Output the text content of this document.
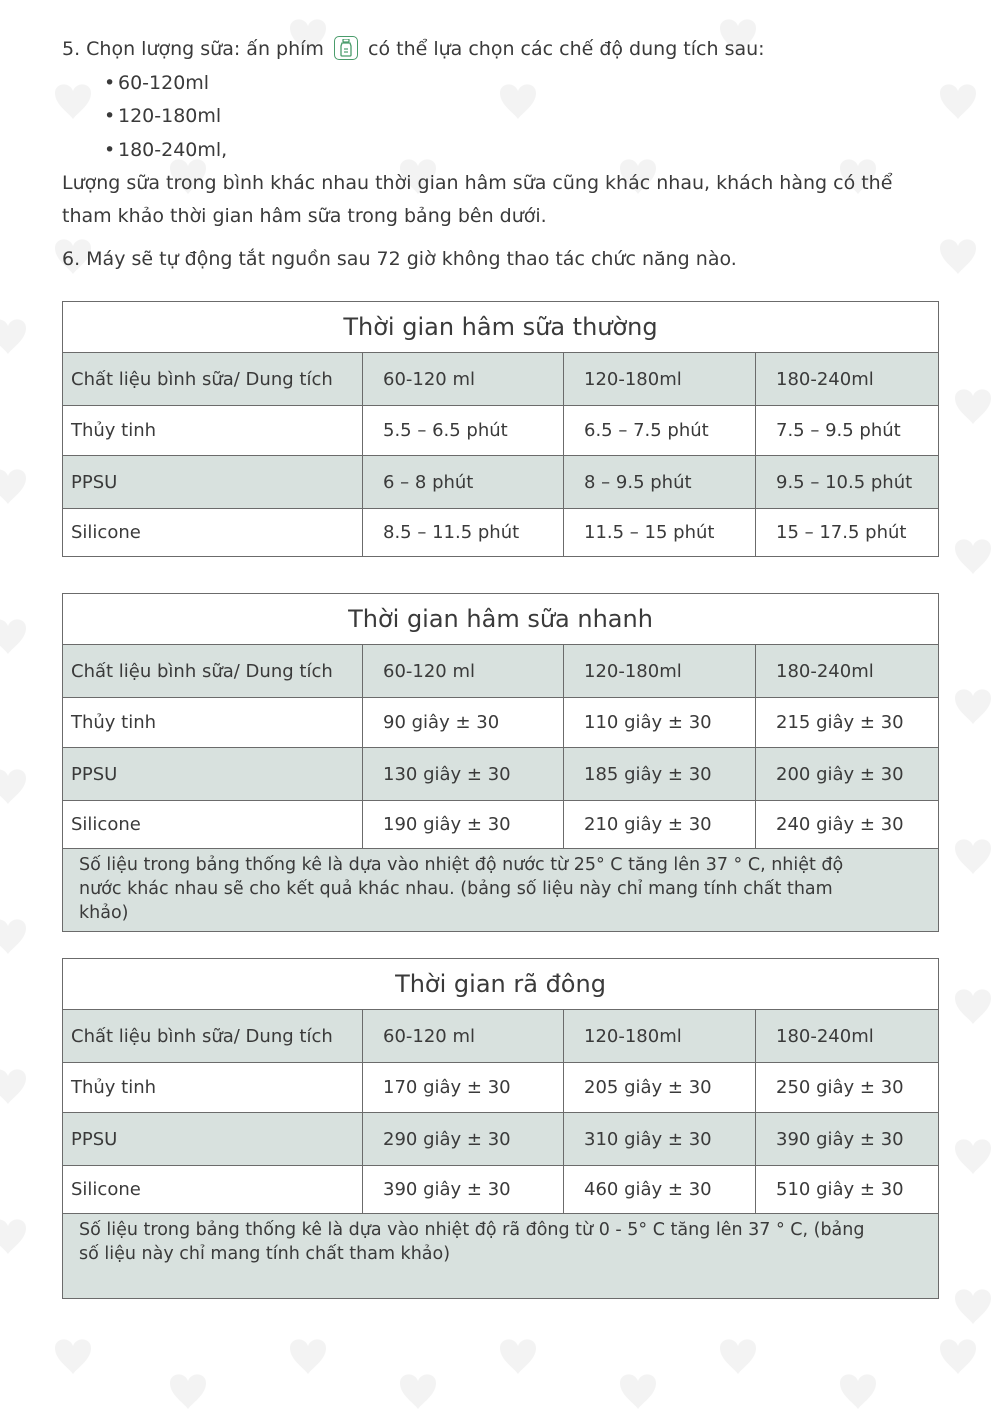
5. Chọn lượng sữa: ấn phím có thể lựa chọn các chế độ dung tích sau:
• 60-120ml
• 120-180ml
• 180-240ml,
Lượng sữa trong bình khác nhau thời gian hâm sữa cũng khác nhau, khách hàng có thể
tham khảo thời gian hâm sữa trong bảng bên dưới.
6. Máy sẽ tự động tắt nguồn sau 72 giờ không thao tác chức năng nào.
Thời gian hâm sữa thường			
Chất liệu bình sữa/ Dung tích	60-120 ml	120-180ml	180-240ml
Thủy tinh	5.5 – 6.5 phút	6.5 – 7.5 phút	7.5 – 9.5 phút
PPSU	6 – 8 phút	8 – 9.5 phút	9.5 – 10.5 phút
Silicone	8.5 – 11.5 phút	11.5 – 15 phút	15 – 17.5 phút
Thời gian hâm sữa nhanh			
Chất liệu bình sữa/ Dung tích	60-120 ml	120-180ml	180-240ml
Thủy tinh	90 giây ± 30	110 giây ± 30	215 giây ± 30
PPSU	130 giây ± 30	185 giây ± 30	200 giây ± 30
Silicone	190 giây ± 30	210 giây ± 30	240 giây ± 30

Số liệu trong bảng thống kê là dựa vào nhiệt độ nước từ 25° C tăng lên 37 ° C, nhiệt độ
nước khác nhau sẽ cho kết quả khác nhau. (bảng số liệu này chỉ mang tính chất tham
khảo)			
Thời gian rã đông			
Chất liệu bình sữa/ Dung tích	60-120 ml	120-180ml	180-240ml
Thủy tinh	170 giây ± 30	205 giây ± 30	250 giây ± 30
PPSU	290 giây ± 30	310 giây ± 30	390 giây ± 30
Silicone	390 giây ± 30	460 giây ± 30	510 giây ± 30

Số liệu trong bảng thống kê là dựa vào nhiệt độ rã đông từ 0 - 5° C tăng lên 37 ° C, (bảng
số liệu này chỉ mang tính chất tham khảo)			
